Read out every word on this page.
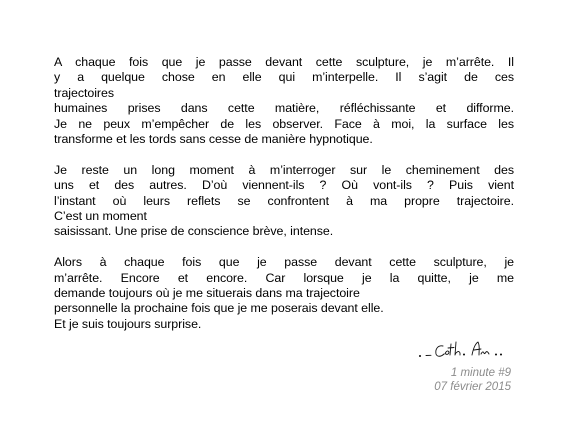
A chaque fois que je passe devant cette sculpture, je m’arrête. Il
y a quelque chose en elle qui m’interpelle. Il s’agit de ces
trajectoires
humaines prises dans cette matière, réfléchissante et difforme.
Je ne peux m’empêcher de les observer. Face à moi, la surface les
transforme et les tords sans cesse de manière hypnotique.
Je reste un long moment à m’interroger sur le cheminement des
uns et des autres. D’où viennent-ils ? Où vont-ils ? Puis vient
l’instant où leurs reflets se confrontent à ma propre trajectoire.
C’est un moment
saisissant. Une prise de conscience brève, intense.
Alors à chaque fois que je passe devant cette sculpture, je
m’arrête. Encore et encore. Car lorsque je la quitte, je me
demande toujours où je me situerais dans ma trajectoire
personnelle la prochaine fois que je me poserais devant elle.
Et je suis toujours surprise.
1 minute #9
07 février 2015
